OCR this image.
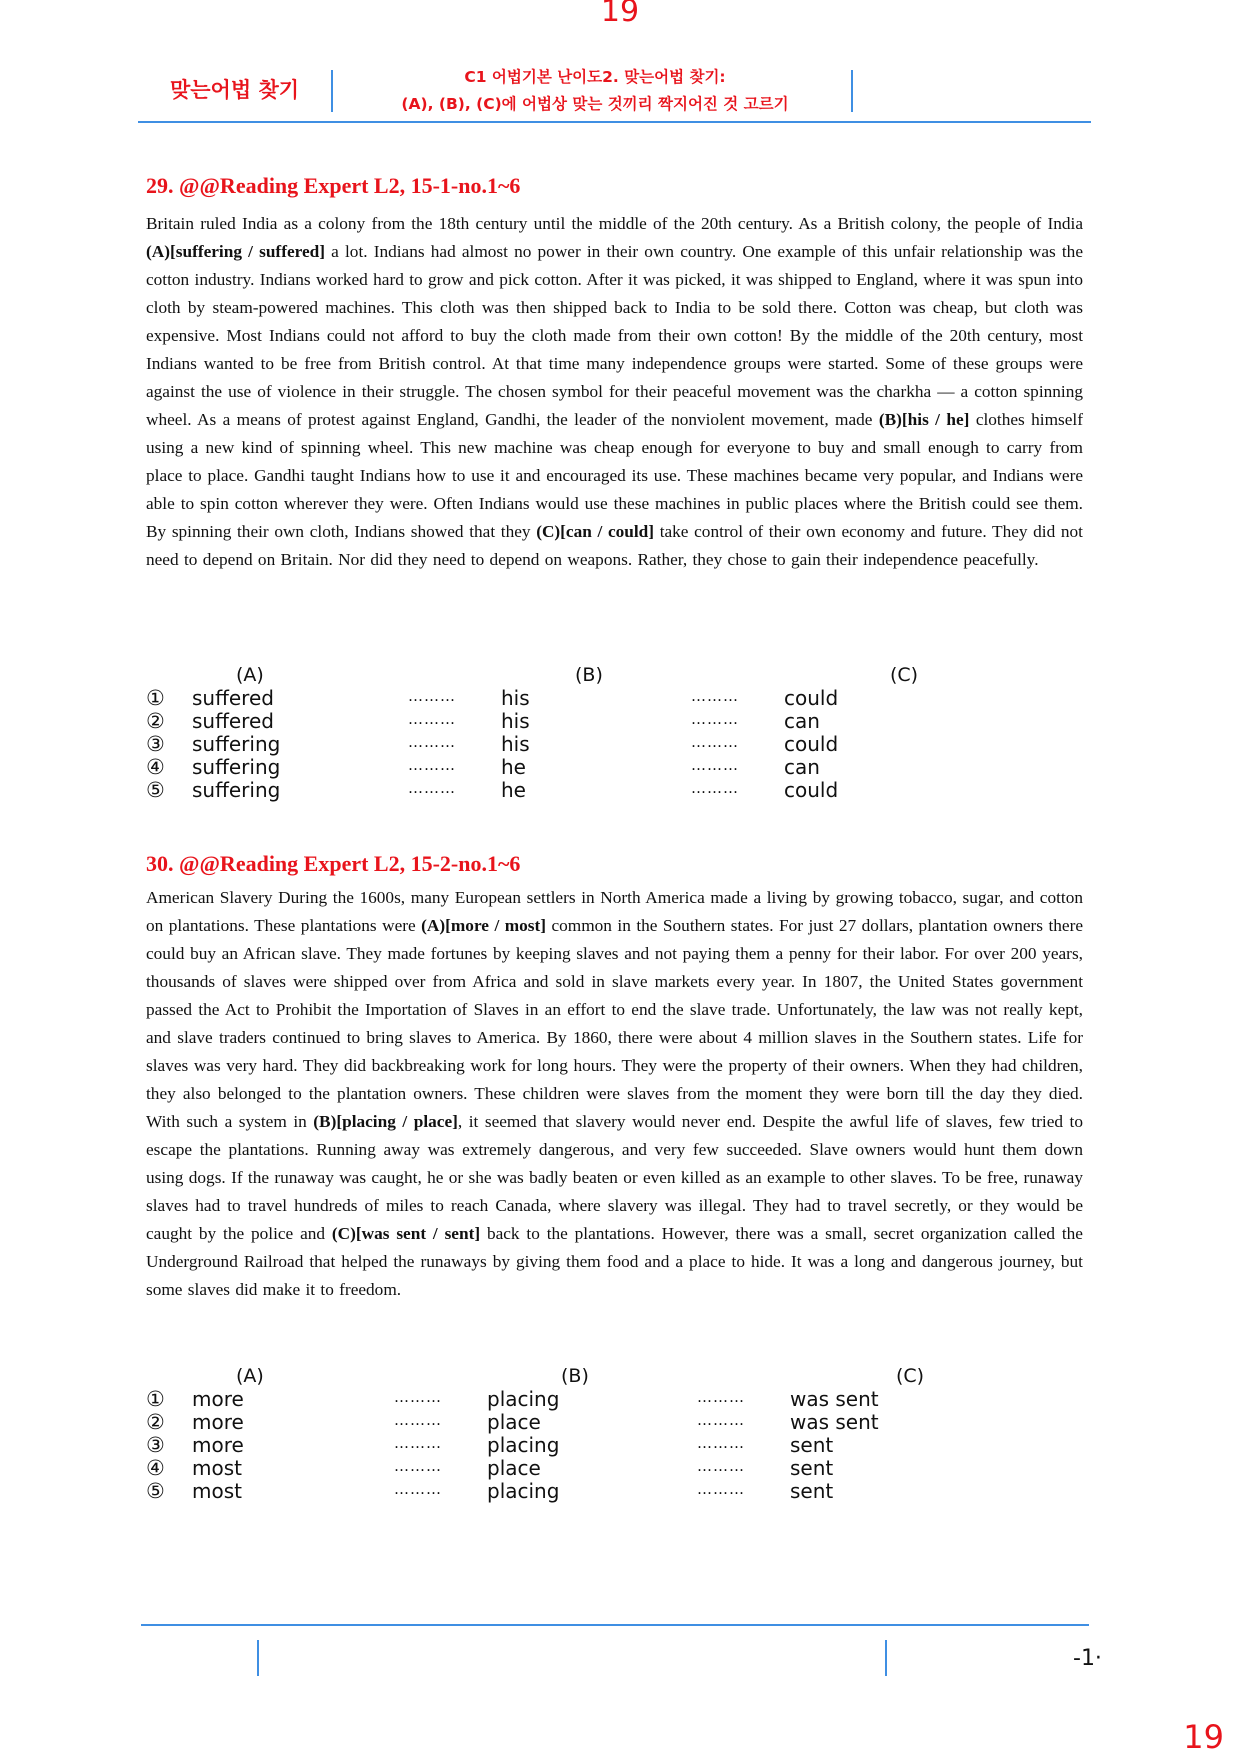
19
19
맞는어법 찾기
C1 어법기본 난이도2. 맞는어법 찾기:
(A), (B), (C)에 어법상 맞는 것끼리 짝지어진 것 고르기
29. @@Reading Expert L2, 15-1-no.1~6
Britain ruled India as a colony from the 18th century until the middle of the 20th century. As a British colony, the people of India (A)[suffering / suffered] a lot. Indians had almost no power in their own country. One example of this unfair relationship was the cotton industry. Indians worked hard to grow and pick cotton. After it was picked, it was shipped to England, where it was spun into cloth by steam-powered machines. This cloth was then shipped back to India to be sold there. Cotton was cheap, but cloth was expensive. Most Indians could not afford to buy the cloth made from their own cotton! By the middle of the 20th century, most Indians wanted to be free from British control. At that time many independence groups were started. Some of these groups were against the use of violence in their struggle. The chosen symbol for their peaceful movement was the charkha — a cotton spinning wheel. As a means of protest against England, Gandhi, the leader of the nonviolent movement, made (B)[his / he] clothes himself using a new kind of spinning wheel. This new machine was cheap enough for everyone to buy and small enough to carry from place to place. Gandhi taught Indians how to use it and encouraged its use. These machines became very popular, and Indians were able to spin cotton wherever they were. Often Indians would use these machines in public places where the British could see them. By spinning their own cloth, Indians showed that they (C)[can / could] take control of their own economy and future. They did not need to depend on Britain. Nor did they need to depend on weapons. Rather, they chose to gain their independence peacefully.
(A)	(B)	(C)
① suffered	……… his	……… could
② suffered	……… his	……… can
③ suffering	……… his	……… could
④ suffering	……… he	……… can
⑤ suffering	……… he	……… could
30. @@Reading Expert L2, 15-2-no.1~6
American Slavery During the 1600s, many European settlers in North America made a living by growing tobacco, sugar, and cotton on plantations. These plantations were (A)[more / most] common in the Southern states. For just 27 dollars, plantation owners there could buy an African slave. They made fortunes by keeping slaves and not paying them a penny for their labor. For over 200 years, thousands of slaves were shipped over from Africa and sold in slave markets every year. In 1807, the United States government passed the Act to Prohibit the Importation of Slaves in an effort to end the slave trade. Unfortunately, the law was not really kept, and slave traders continued to bring slaves to America. By 1860, there were about 4 million slaves in the Southern states. Life for slaves was very hard. They did backbreaking work for long hours. They were the property of their owners. When they had children, they also belonged to the plantation owners. These children were slaves from the moment they were born till the day they died. With such a system in (B)[placing / place], it seemed that slavery would never end. Despite the awful life of slaves, few tried to escape the plantations. Running away was extremely dangerous, and very few succeeded. Slave owners would hunt them down using dogs. If the runaway was caught, he or she was badly beaten or even killed as an example to other slaves. To be free, runaway slaves had to travel hundreds of miles to reach Canada, where slavery was illegal. They had to travel secretly, or they would be caught by the police and (C)[was sent / sent] back to the plantations. However, there was a small, secret organization called the Underground Railroad that helped the runaways by giving them food and a place to hide. It was a long and dangerous journey, but some slaves did make it to freedom.
(A)	(B)	(C)
① more	……… placing	……… was sent
② more	……… place	……… was sent
③ more	……… placing	……… sent
④ most	……… place	……… sent
⑤ most	……… placing	……… sent
-1·
